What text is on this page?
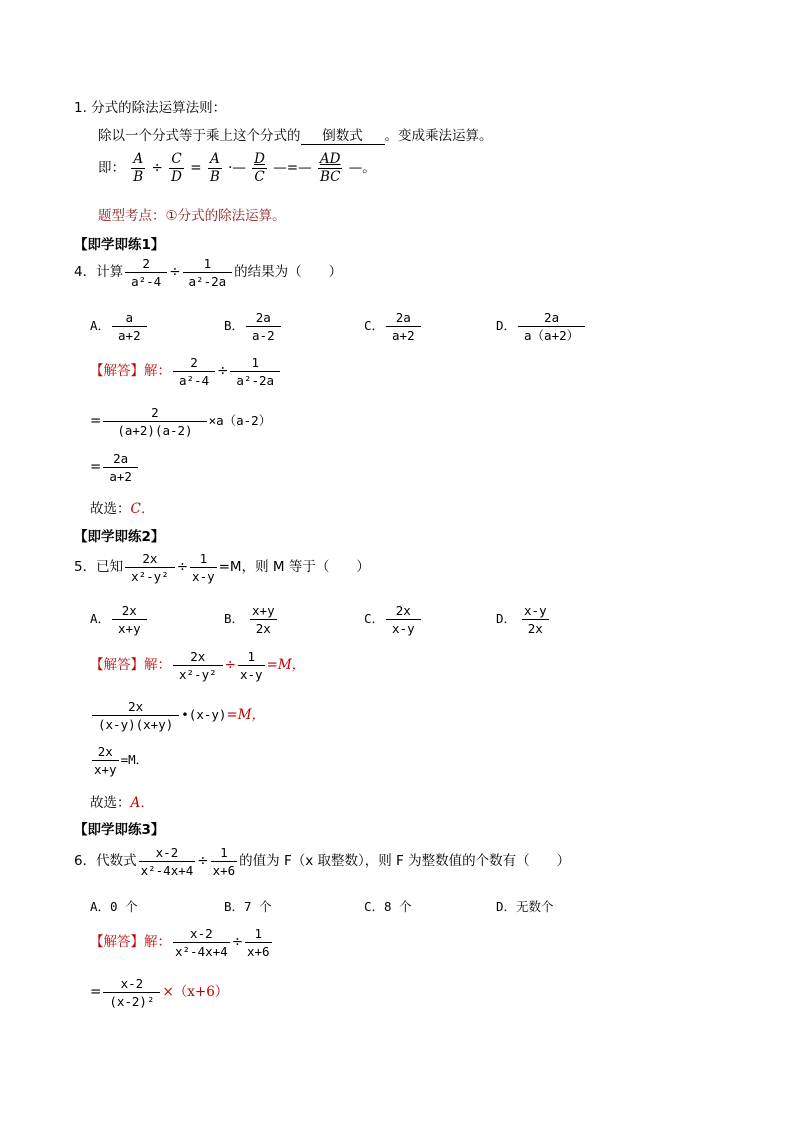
1. 分式的除法运算法则：
除以一个分式等于乘上这个分式的 倒数式 。变成乘法运算。
即： $\frac{A}{B} \div \frac{C}{D} = \frac{A}{B}$ ·— $\frac{D}{C}$ —=— $\frac{AD}{BC}$ —。
题型考点：①分式的除法运算。
【即学即练1】
4．计算 $\frac{2}{\text{a²-4}} \div \frac{1}{\text{a²-2a}}$ 的结果为（　　）
A． $\frac{a}{a+2}$	B． $\frac{2a}{a-2}$	C． $\frac{2a}{a+2}$	D． $\frac{2a}{a(a+2)}$
【解答】解： $\frac{2}{\text{a²-4}} \div \frac{1}{\text{a²-2a}}$
= $\frac{2}{(a+2)(a-2)} \times a(a-2)$
= $\frac{2a}{a+2}$
故选：C．
【即学即练2】
5．已知 $\frac{2x}{\text{x²-y²}} \div \frac{1}{x-y} =M$，则 M 等于（　　）
A． $\frac{2x}{x+y}$	B． $\frac{x+y}{2x}$	C． $\frac{2x}{x-y}$	D． $\frac{x-y}{2x}$
【解答】解： $\frac{2x}{\text{x²-y²}} \div \frac{1}{x-y} =M$，
$\frac{2x}{(x-y)(x+y)}$ •(x-y)=M，
$\frac{2x}{x+y} =M$．
故选：A．
【即学即练3】
6．代数式 $\frac{x-2}{\text{x²-4x+4}} \div \frac{1}{x+6}$ 的值为 F（x 取整数），则 F 为整数值的个数有（　　）
A．0 个	B．7 个	C．8 个	D．无数个
【解答】解： $\frac{x-2}{\text{x²-4x+4}} \div \frac{1}{x+6}$
= $\frac{x-2}{\text{(x-2)²}} \times(x+6)$
